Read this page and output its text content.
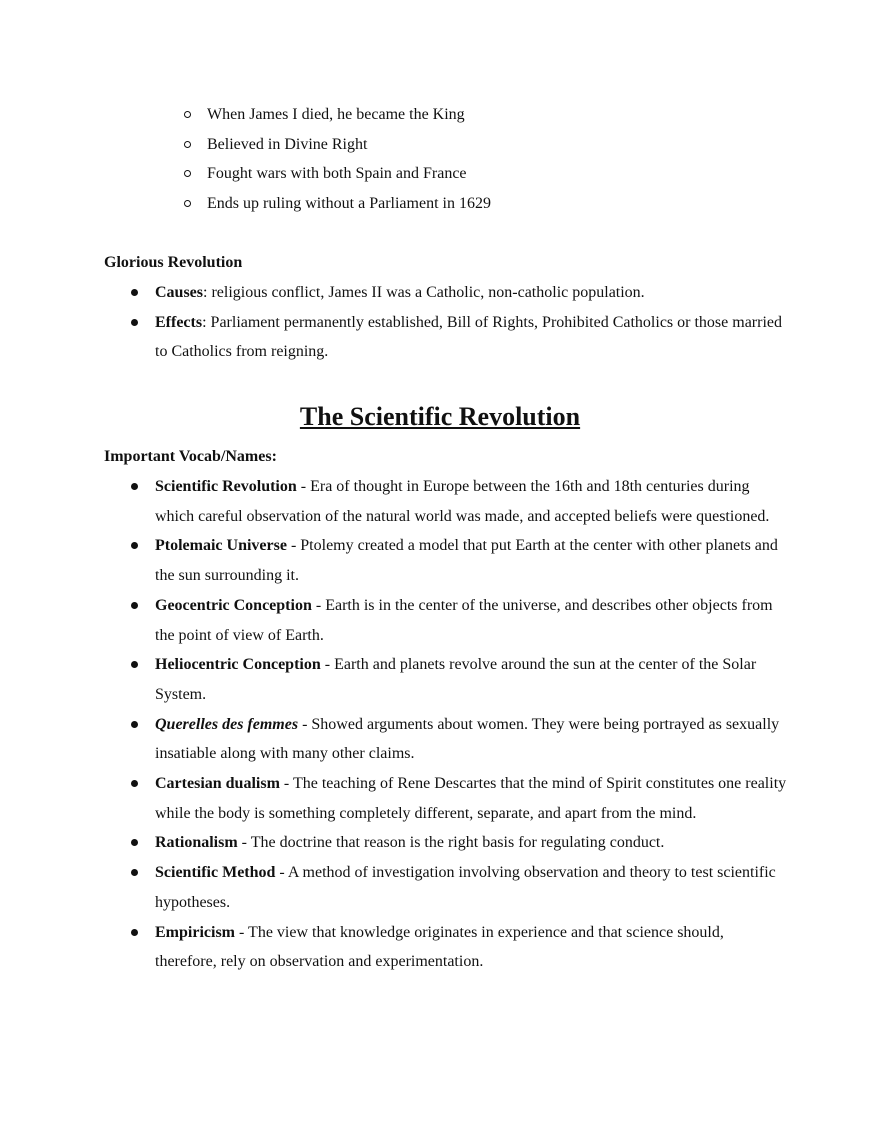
When James I died, he became the King
Believed in Divine Right
Fought wars with both Spain and France
Ends up ruling without a Parliament in 1629
Glorious Revolution
Causes: religious conflict, James II was a Catholic, non-catholic population.
Effects: Parliament permanently established, Bill of Rights, Prohibited Catholics or those married to Catholics from reigning.
The Scientific Revolution
Important Vocab/Names:
Scientific Revolution - Era of thought in Europe between the 16th and 18th centuries during which careful observation of the natural world was made, and accepted beliefs were questioned.
Ptolemaic Universe - Ptolemy created a model that put Earth at the center with other planets and the sun surrounding it.
Geocentric Conception - Earth is in the center of the universe, and describes other objects from the point of view of Earth.
Heliocentric Conception - Earth and planets revolve around the sun at the center of the Solar System.
Querelles des femmes - Showed arguments about women. They were being portrayed as sexually insatiable along with many other claims.
Cartesian dualism - The teaching of Rene Descartes that the mind of Spirit constitutes one reality while the body is something completely different, separate, and apart from the mind.
Rationalism - The doctrine that reason is the right basis for regulating conduct.
Scientific Method - A method of investigation involving observation and theory to test scientific hypotheses.
Empiricism - The view that knowledge originates in experience and that science should, therefore, rely on observation and experimentation.
